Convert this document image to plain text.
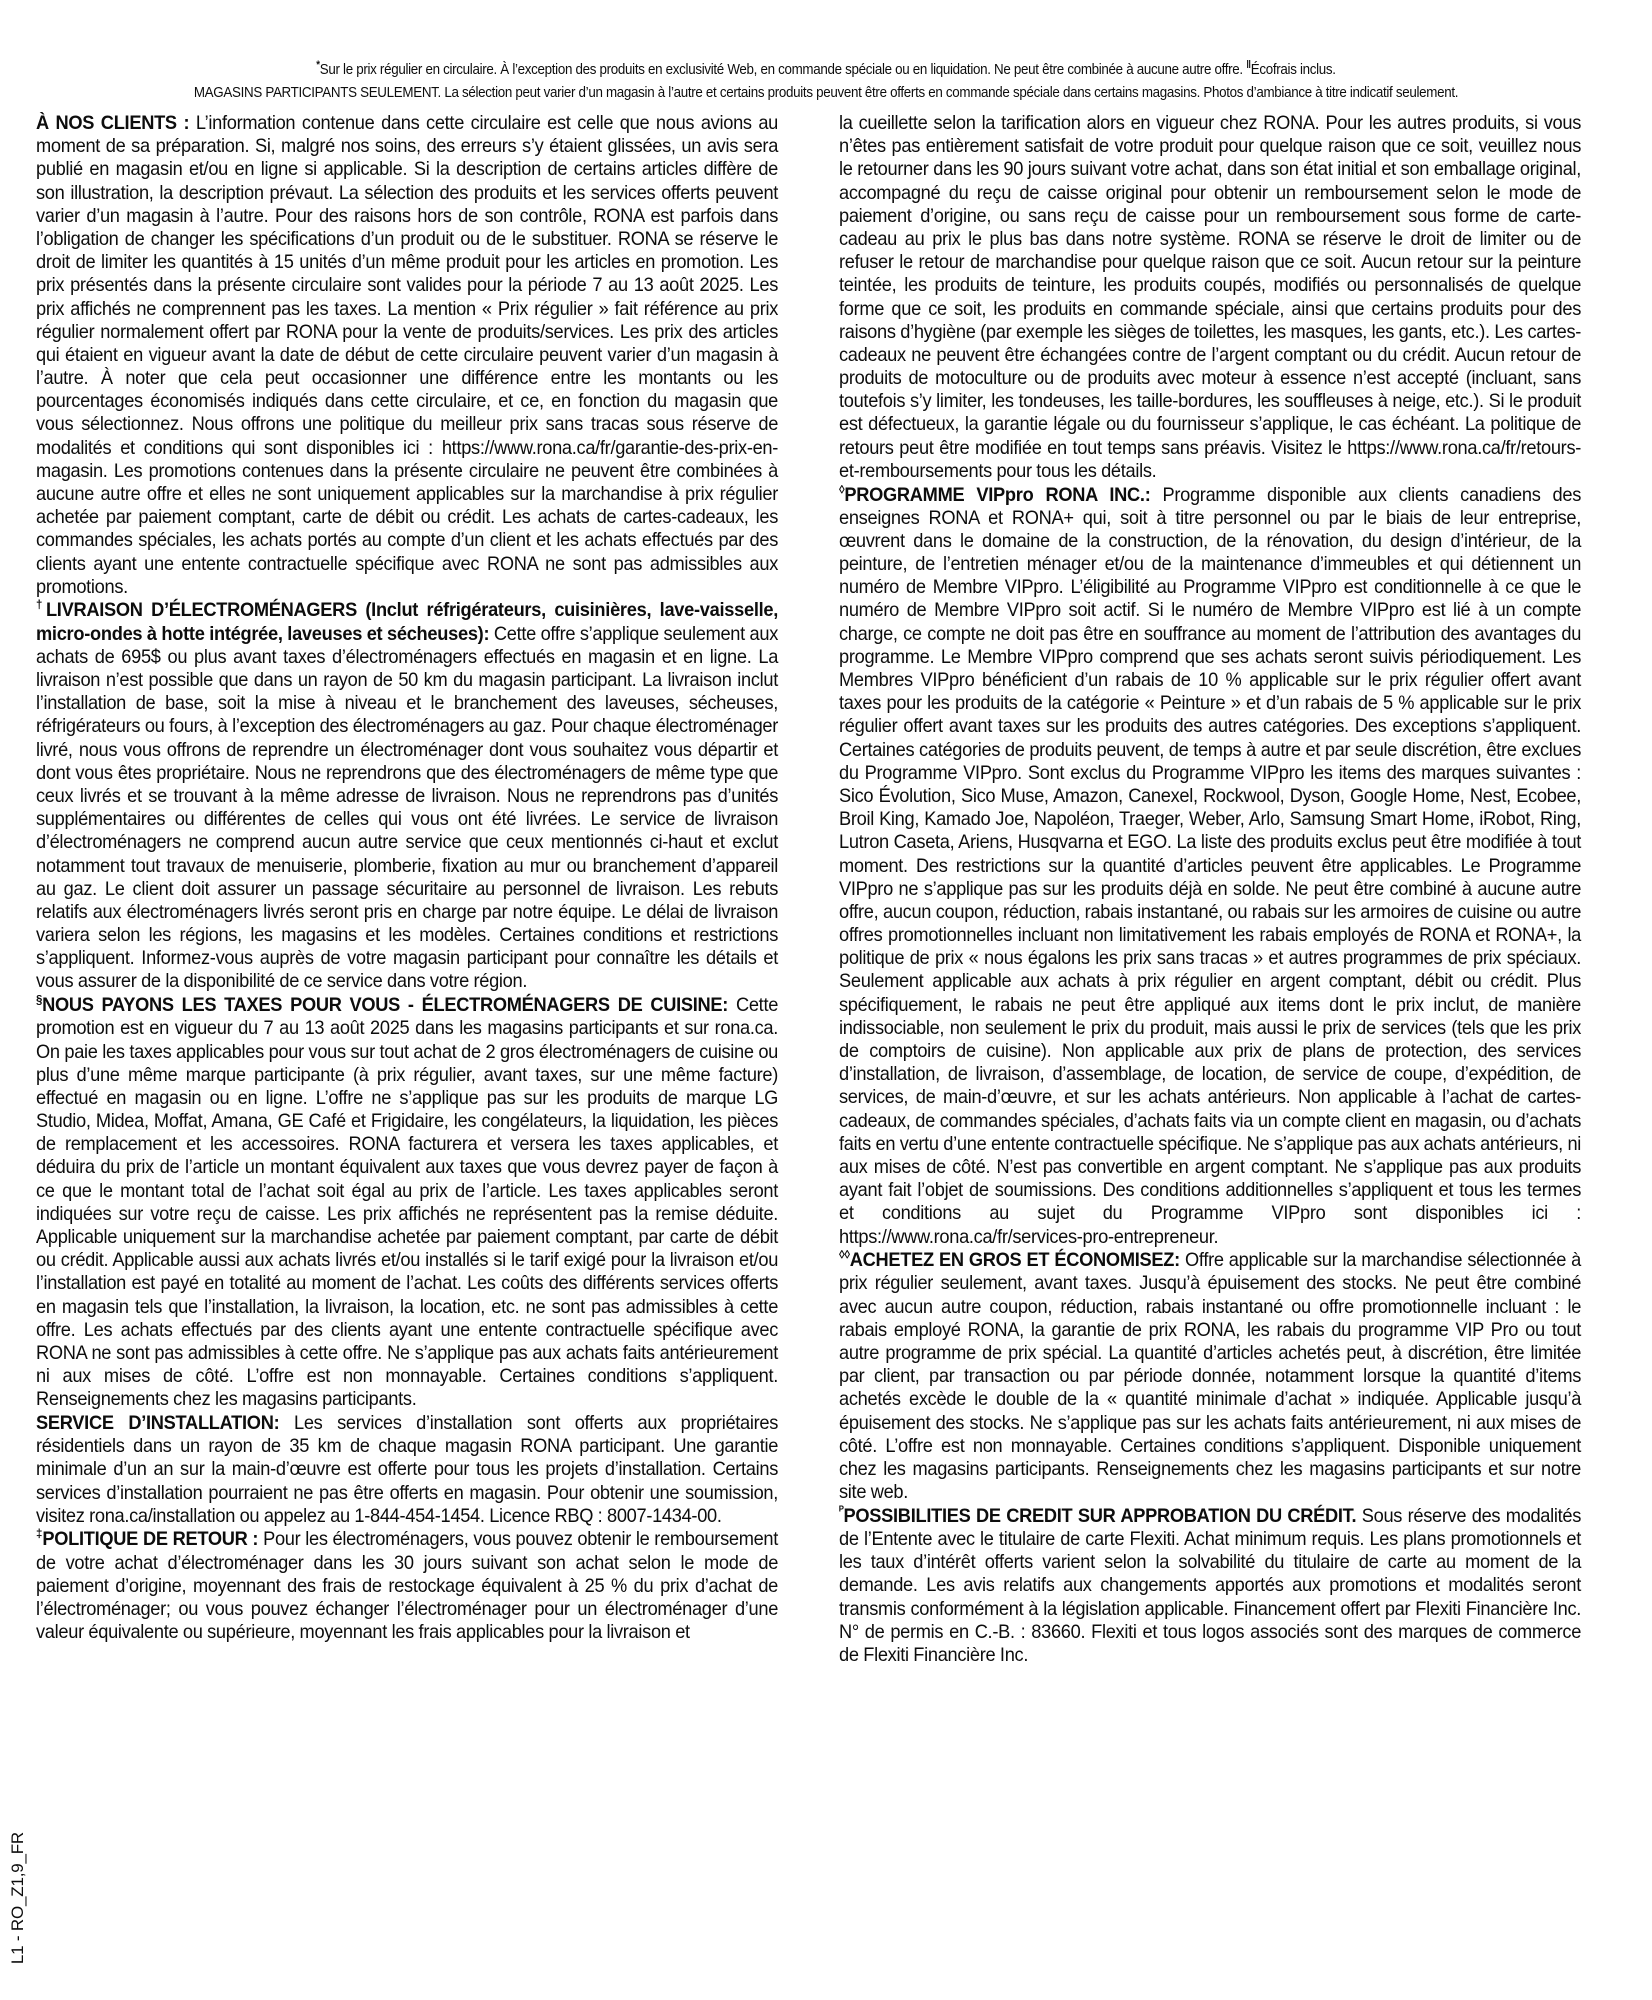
*Sur le prix régulier en circulaire. À l’exception des produits en exclusivité Web, en commande spéciale ou en liquidation. Ne peut être combinée à aucune autre offre. ‖Écofrais inclus.
MAGASINS PARTICIPANTS SEULEMENT. La sélection peut varier d’un magasin à l’autre et certains produits peuvent être offerts en commande spéciale dans certains magasins. Photos d’ambiance à titre indicatif seulement.

À NOS CLIENTS : L’information contenue dans cette circulaire est celle que nous avions au moment de sa préparation. Si, malgré nos soins, des erreurs s’y étaient glissées, un avis sera publié en magasin et/ou en ligne si applicable. Si la description de certains articles diffère de son illustration, la description prévaut. La sélection des produits et les services offerts peuvent varier d’un magasin à l’autre. Pour des raisons hors de son contrôle, RONA est parfois dans l’obligation de changer les spécifications d’un produit ou de le substituer. RONA se réserve le droit de limiter les quantités à 15 unités d’un même produit pour les articles en promotion. Les prix présentés dans la présente circulaire sont valides pour la période 7 au 13 août 2025. Les prix affichés ne comprennent pas les taxes. La mention « Prix régulier » fait référence au prix régulier normalement offert par RONA pour la vente de produits/services. Les prix des articles qui étaient en vigueur avant la date de début de cette circulaire peuvent varier d’un magasin à l’autre. À noter que cela peut occasionner une différence entre les montants ou les pourcentages économisés indiqués dans cette circulaire, et ce, en fonction du magasin que vous sélectionnez. Nous offrons une politique du meilleur prix sans tracas sous réserve de modalités et conditions qui sont disponibles ici : https://www.rona.ca/fr/garantie-des-prix-en-magasin. Les promotions contenues dans la présente circulaire ne peuvent être combinées à aucune autre offre et elles ne sont uniquement applicables sur la marchandise à prix régulier achetée par paiement comptant, carte de débit ou crédit. Les achats de cartes-cadeaux, les commandes spéciales, les achats portés au compte d’un client et les achats effectués par des clients ayant une entente contractuelle spécifique avec RONA ne sont pas admissibles aux promotions.

†LIVRAISON D’ÉLECTROMÉNAGERS (Inclut réfrigérateurs, cuisinières, lave-vaisselle, micro-ondes à hotte intégrée, laveuses et sécheuses): Cette offre s’applique seulement aux achats de 695$ ou plus avant taxes d’électroménagers effectués en magasin et en ligne. La livraison n’est possible que dans un rayon de 50 km du magasin participant. La livraison inclut l’installation de base, soit la mise à niveau et le branchement des laveuses, sécheuses, réfrigérateurs ou fours, à l’exception des électroménagers au gaz. Pour chaque électroménager livré, nous vous offrons de reprendre un électroménager dont vous souhaitez vous départir et dont vous êtes propriétaire. Nous ne reprendrons que des électroménagers de même type que ceux livrés et se trouvant à la même adresse de livraison. Nous ne reprendrons pas d’unités supplémentaires ou différentes de celles qui vous ont été livrées. Le service de livraison d’électroménagers ne comprend aucun autre service que ceux mentionnés ci-haut et exclut notamment tout travaux de menuiserie, plomberie, fixation au mur ou branchement d’appareil au gaz. Le client doit assurer un passage sécuritaire au personnel de livraison. Les rebuts relatifs aux électroménagers livrés seront pris en charge par notre équipe. Le délai de livraison variera selon les régions, les magasins et les modèles. Certaines conditions et restrictions s’appliquent. Informez-vous auprès de votre magasin participant pour connaître les détails et vous assurer de la disponibilité de ce service dans votre région.

§NOUS PAYONS LES TAXES POUR VOUS - ÉLECTROMÉNAGERS DE CUISINE: Cette promotion est en vigueur du 7 au 13 août 2025 dans les magasins participants et sur rona.ca. On paie les taxes applicables pour vous sur tout achat de 2 gros électroménagers de cuisine ou plus d’une même marque participante (à prix régulier, avant taxes, sur une même facture) effectué en magasin ou en ligne. L’offre ne s’applique pas sur les produits de marque LG Studio, Midea, Moffat, Amana, GE Café et Frigidaire, les congélateurs, la liquidation, les pièces de remplacement et les accessoires. RONA facturera et versera les taxes applicables, et déduira du prix de l’article un montant équivalent aux taxes que vous devrez payer de façon à ce que le montant total de l’achat soit égal au prix de l’article. Les taxes applicables seront indiquées sur votre reçu de caisse. Les prix affichés ne représentent pas la remise déduite. Applicable uniquement sur la marchandise achetée par paiement comptant, par carte de débit ou crédit. Applicable aussi aux achats livrés et/ou installés si le tarif exigé pour la livraison et/ou l’installation est payé en totalité au moment de l’achat. Les coûts des différents services offerts en magasin tels que l’installation, la livraison, la location, etc. ne sont pas admissibles à cette offre. Les achats effectués par des clients ayant une entente contractuelle spécifique avec RONA ne sont pas admissibles à cette offre. Ne s’applique pas aux achats faits antérieurement ni aux mises de côté. L’offre est non monnayable. Certaines conditions s’appliquent. Renseignements chez les magasins participants.

SERVICE D’INSTALLATION: Les services d’installation sont offerts aux propriétaires résidentiels dans un rayon de 35 km de chaque magasin RONA participant. Une garantie minimale d’un an sur la main-d’œuvre est offerte pour tous les projets d’installation. Certains services d’installation pourraient ne pas être offerts en magasin. Pour obtenir une soumission, visitez rona.ca/installation ou appelez au 1-844-454-1454. Licence RBQ : 8007-1434-00.

‡POLITIQUE DE RETOUR : Pour les électroménagers, vous pouvez obtenir le remboursement de votre achat d’électroménager dans les 30 jours suivant son achat selon le mode de paiement d’origine, moyennant des frais de restockage équivalent à 25 % du prix d’achat de l’électroménager; ou vous pouvez échanger l’électroménager pour un électroménager d’une valeur équivalente ou supérieure, moyennant les frais applicables pour la livraison et

la cueillette selon la tarification alors en vigueur chez RONA. Pour les autres produits, si vous n’êtes pas entièrement satisfait de votre produit pour quelque raison que ce soit, veuillez nous le retourner dans les 90 jours suivant votre achat, dans son état initial et son emballage original, accompagné du reçu de caisse original pour obtenir un remboursement selon le mode de paiement d’origine, ou sans reçu de caisse pour un remboursement sous forme de carte-cadeau au prix le plus bas dans notre système. RONA se réserve le droit de limiter ou de refuser le retour de marchandise pour quelque raison que ce soit. Aucun retour sur la peinture teintée, les produits de teinture, les produits coupés, modifiés ou personnalisés de quelque forme que ce soit, les produits en commande spéciale, ainsi que certains produits pour des raisons d’hygiène (par exemple les sièges de toilettes, les masques, les gants, etc.). Les cartes-cadeaux ne peuvent être échangées contre de l’argent comptant ou du crédit. Aucun retour de produits de motoculture ou de produits avec moteur à essence n’est accepté (incluant, sans toutefois s’y limiter, les tondeuses, les taille-bordures, les souffleuses à neige, etc.). Si le produit est défectueux, la garantie légale ou du fournisseur s’applique, le cas échéant. La politique de retours peut être modifiée en tout temps sans préavis. Visitez le https://www.rona.ca/fr/retours-et-remboursements pour tous les détails.

◊PROGRAMME VIPpro RONA INC.: Programme disponible aux clients canadiens des enseignes RONA et RONA+ qui, soit à titre personnel ou par le biais de leur entreprise, œuvrent dans le domaine de la construction, de la rénovation, du design d’intérieur, de la peinture, de l’entretien ménager et/ou de la maintenance d’immeubles et qui détiennent un numéro de Membre VIPpro. L’éligibilité au Programme VIPpro est conditionnelle à ce que le numéro de Membre VIPpro soit actif. Si le numéro de Membre VIPpro est lié à un compte charge, ce compte ne doit pas être en souffrance au moment de l’attribution des avantages du programme. Le Membre VIPpro comprend que ses achats seront suivis périodiquement. Les Membres VIPpro bénéficient d’un rabais de 10 % applicable sur le prix régulier offert avant taxes pour les produits de la catégorie « Peinture » et d’un rabais de 5 % applicable sur le prix régulier offert avant taxes sur les produits des autres catégories. Des exceptions s’appliquent. Certaines catégories de produits peuvent, de temps à autre et par seule discrétion, être exclues du Programme VIPpro. Sont exclus du Programme VIPpro les items des marques suivantes : Sico Évolution, Sico Muse, Amazon, Canexel, Rockwool, Dyson, Google Home, Nest, Ecobee, Broil King, Kamado Joe, Napoléon, Traeger, Weber, Arlo, Samsung Smart Home, iRobot, Ring, Lutron Caseta, Ariens, Husqvarna et EGO. La liste des produits exclus peut être modifiée à tout moment. Des restrictions sur la quantité d’articles peuvent être applicables. Le Programme VIPpro ne s’applique pas sur les produits déjà en solde. Ne peut être combiné à aucune autre offre, aucun coupon, réduction, rabais instantané, ou rabais sur les armoires de cuisine ou autre offres promotionnelles incluant non limitativement les rabais employés de RONA et RONA+, la politique de prix « nous égalons les prix sans tracas » et autres programmes de prix spéciaux. Seulement applicable aux achats à prix régulier en argent comptant, débit ou crédit. Plus spécifiquement, le rabais ne peut être appliqué aux items dont le prix inclut, de manière indissociable, non seulement le prix du produit, mais aussi le prix de services (tels que les prix de comptoirs de cuisine). Non applicable aux prix de plans de protection, des services d’installation, de livraison, d’assemblage, de location, de service de coupe, d’expédition, de services, de main-d’œuvre, et sur les achats antérieurs. Non applicable à l’achat de cartes-cadeaux, de commandes spéciales, d’achats faits via un compte client en magasin, ou d’achats faits en vertu d’une entente contractuelle spécifique. Ne s’applique pas aux achats antérieurs, ni aux mises de côté. N’est pas convertible en argent comptant. Ne s’applique pas aux produits ayant fait l’objet de soumissions. Des conditions additionnelles s’appliquent et tous les termes et conditions au sujet du Programme VIPpro sont disponibles ici : https://www.rona.ca/fr/services-pro-entrepreneur.

◊◊ACHETEZ EN GROS ET ÉCONOMISEZ: Offre applicable sur la marchandise sélectionnée à prix régulier seulement, avant taxes. Jusqu’à épuisement des stocks. Ne peut être combiné avec aucun autre coupon, réduction, rabais instantané ou offre promotionnelle incluant : le rabais employé RONA, la garantie de prix RONA, les rabais du programme VIP Pro ou tout autre programme de prix spécial. La quantité d’articles achetés peut, à discrétion, être limitée par client, par transaction ou par période donnée, notamment lorsque la quantité d’items achetés excède le double de la « quantité minimale d’achat » indiquée. Applicable jusqu’à épuisement des stocks. Ne s’applique pas sur les achats faits antérieurement, ni aux mises de côté. L’offre est non monnayable. Certaines conditions s’appliquent. Disponible uniquement chez les magasins participants. Renseignements chez les magasins participants et sur notre site web.

$^ᴾ$POSSIBILITIES DE CREDIT SUR APPROBATION DU CRÉDIT. Sous réserve des modalités de l’Entente avec le titulaire de carte Flexiti. Achat minimum requis. Les plans promotionnels et les taux d’intérêt offerts varient selon la solvabilité du titulaire de carte au moment de la demande. Les avis relatifs aux changements apportés aux promotions et modalités seront transmis conformément à la législation applicable. Financement offert par Flexiti Financière Inc. N° de permis en C.-B. : 83660. Flexiti et tous logos associés sont des marques de commerce de Flexiti Financière Inc.

L1 - RO_Z1,9_FR
